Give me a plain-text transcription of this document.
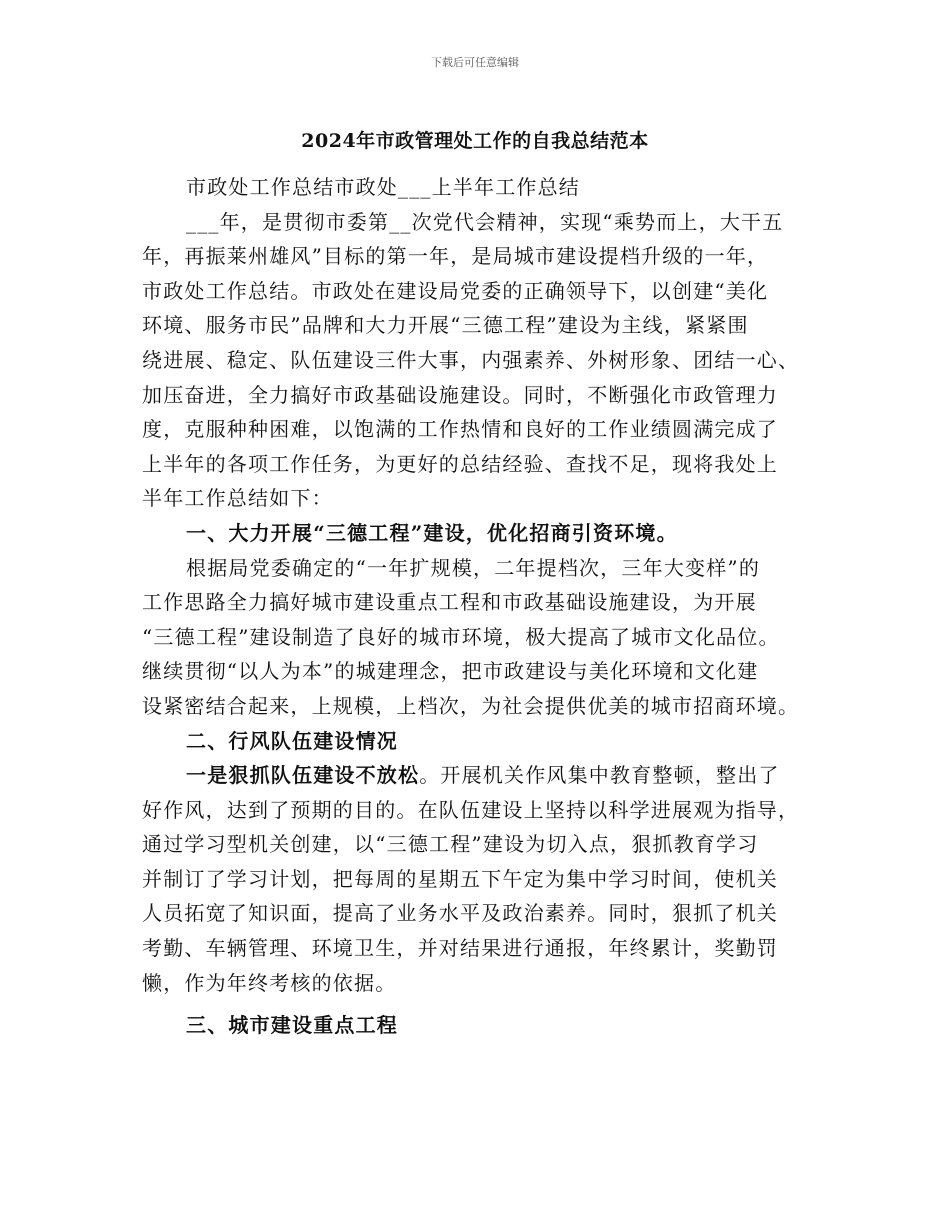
下载后可任意编辑
2024年市政管理处工作的自我总结范本
市政处工作总结市政处___上半年工作总结
___年，是贯彻市委第__次党代会精神，实现“乘势而上，大干五
年，再振莱州雄风”目标的第一年，是局城市建设提档升级的一年，
市政处工作总结。市政处在建设局党委的正确领导下，以创建“美化
环境、服务市民”品牌和大力开展“三德工程”建设为主线，紧紧围
绕进展、稳定、队伍建设三件大事，内强素养、外树形象、团结一心、
加压奋进，全力搞好市政基础设施建设。同时，不断强化市政管理力
度，克服种种困难，以饱满的工作热情和良好的工作业绩圆满完成了
上半年的各项工作任务，为更好的总结经验、查找不足，现将我处上
半年工作总结如下：
一、大力开展“三德工程”建设，优化招商引资环境。
根据局党委确定的“一年扩规模，二年提档次，三年大变样”的
工作思路全力搞好城市建设重点工程和市政基础设施建设，为开展
“三德工程”建设制造了良好的城市环境，极大提高了城市文化品位。
继续贯彻“以人为本”的城建理念，把市政建设与美化环境和文化建
设紧密结合起来，上规模，上档次，为社会提供优美的城市招商环境。
二、行风队伍建设情况
一是狠抓队伍建设不放松。开展机关作风集中教育整顿，整出了
好作风，达到了预期的目的。在队伍建设上坚持以科学进展观为指导，
通过学习型机关创建，以“三德工程”建设为切入点，狠抓教育学习
并制订了学习计划，把每周的星期五下午定为集中学习时间，使机关
人员拓宽了知识面，提高了业务水平及政治素养。同时，狠抓了机关
考勤、车辆管理、环境卫生，并对结果进行通报，年终累计，奖勤罚
懒，作为年终考核的依据。
三、城市建设重点工程
